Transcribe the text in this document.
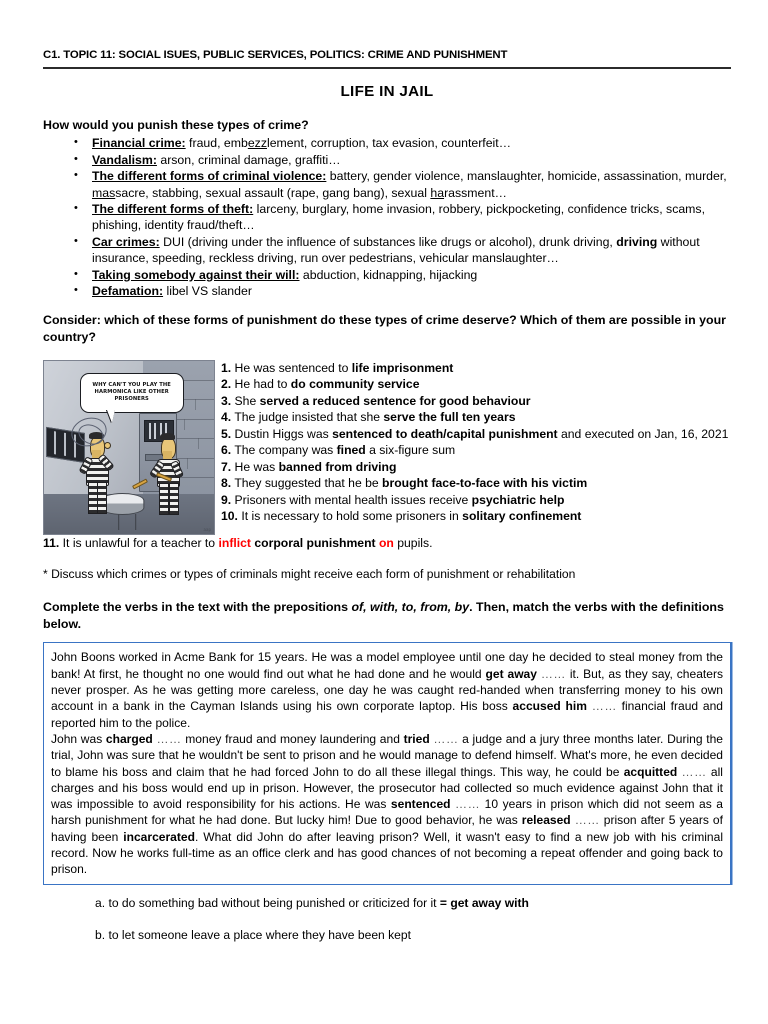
C1. TOPIC 11: SOCIAL ISUES, PUBLIC SERVICES, POLITICS: CRIME AND PUNISHMENT
LIFE IN JAIL
How would you punish these types of crime?
• Financial crime: fraud, embezzlement, corruption, tax evasion, counterfeit…
• Vandalism: arson, criminal damage, graffiti…
• The different forms of criminal violence: battery, gender violence, manslaughter, homicide, assassination, murder, massacre, stabbing, sexual assault (rape, gang bang), sexual harassment…
• The different forms of theft: larceny, burglary, home invasion, robbery, pickpocketing, confidence tricks, scams, phishing, identity fraud/theft…
• Car crimes: DUI (driving under the influence of substances like drugs or alcohol), drunk driving, driving without insurance, speeding, reckless driving, run over pedestrians, vehicular manslaughter…
• Taking somebody against their will: abduction, kidnapping, hijacking
• Defamation: libel VS slander
Consider: which of these forms of punishment do these types of crime deserve? Which of them are possible in your country?
WHY CAN'T YOU PLAY THE HARMONICA LIKE OTHER PRISONERS
aap
1. He was sentenced to life imprisonment
2. He had to do community service
3. She served a reduced sentence for good behaviour
4. The judge insisted that she serve the full ten years
5. Dustin Higgs was sentenced to death/capital punishment and executed on Jan, 16, 2021
6. The company was fined a six-figure sum
7. He was banned from driving
8. They suggested that he be brought face-to-face with his victim
9. Prisoners with mental health issues receive psychiatric help
10. It is necessary to hold some prisoners in solitary confinement
11. It is unlawful for a teacher to inflict corporal punishment on pupils.
* Discuss which crimes or types of criminals might receive each form of punishment or rehabilitation
Complete the verbs in the text with the prepositions of, with, to, from, by. Then, match the verbs with the definitions below.

John Boons worked in Acme Bank for 15 years. He was a model employee until one day he decided to steal money from the bank! At first, he thought no one would find out what he had done and he would get away …… it. But, as they say, cheaters never prosper. As he was getting more careless, one day he was caught red-handed when transferring money to his own account in a bank in the Cayman Islands using his own corporate laptop. His boss accused him …… financial fraud and reported him to the police.

John was charged …… money fraud and money laundering and tried …… a judge and a jury three months later. During the trial, John was sure that he wouldn't be sent to prison and he would manage to defend himself. What's more, he even decided to blame his boss and claim that he had forced John to do all these illegal things. This way, he could be acquitted …… all charges and his boss would end up in prison. However, the prosecutor had collected so much evidence against John that it was impossible to avoid responsibility for his actions. He was sentenced …… 10 years in prison which did not seem as a harsh punishment for what he had done. But lucky him! Due to good behavior, he was released …… prison after 5 years of having been incarcerated. What did John do after leaving prison? Well, it wasn't easy to find a new job with his criminal record. Now he works full-time as an office clerk and has good chances of not becoming a repeat offender and going back to prison.

a. to do something bad without being punished or criticized for it = get away with
b. to let someone leave a place where they have been kept
